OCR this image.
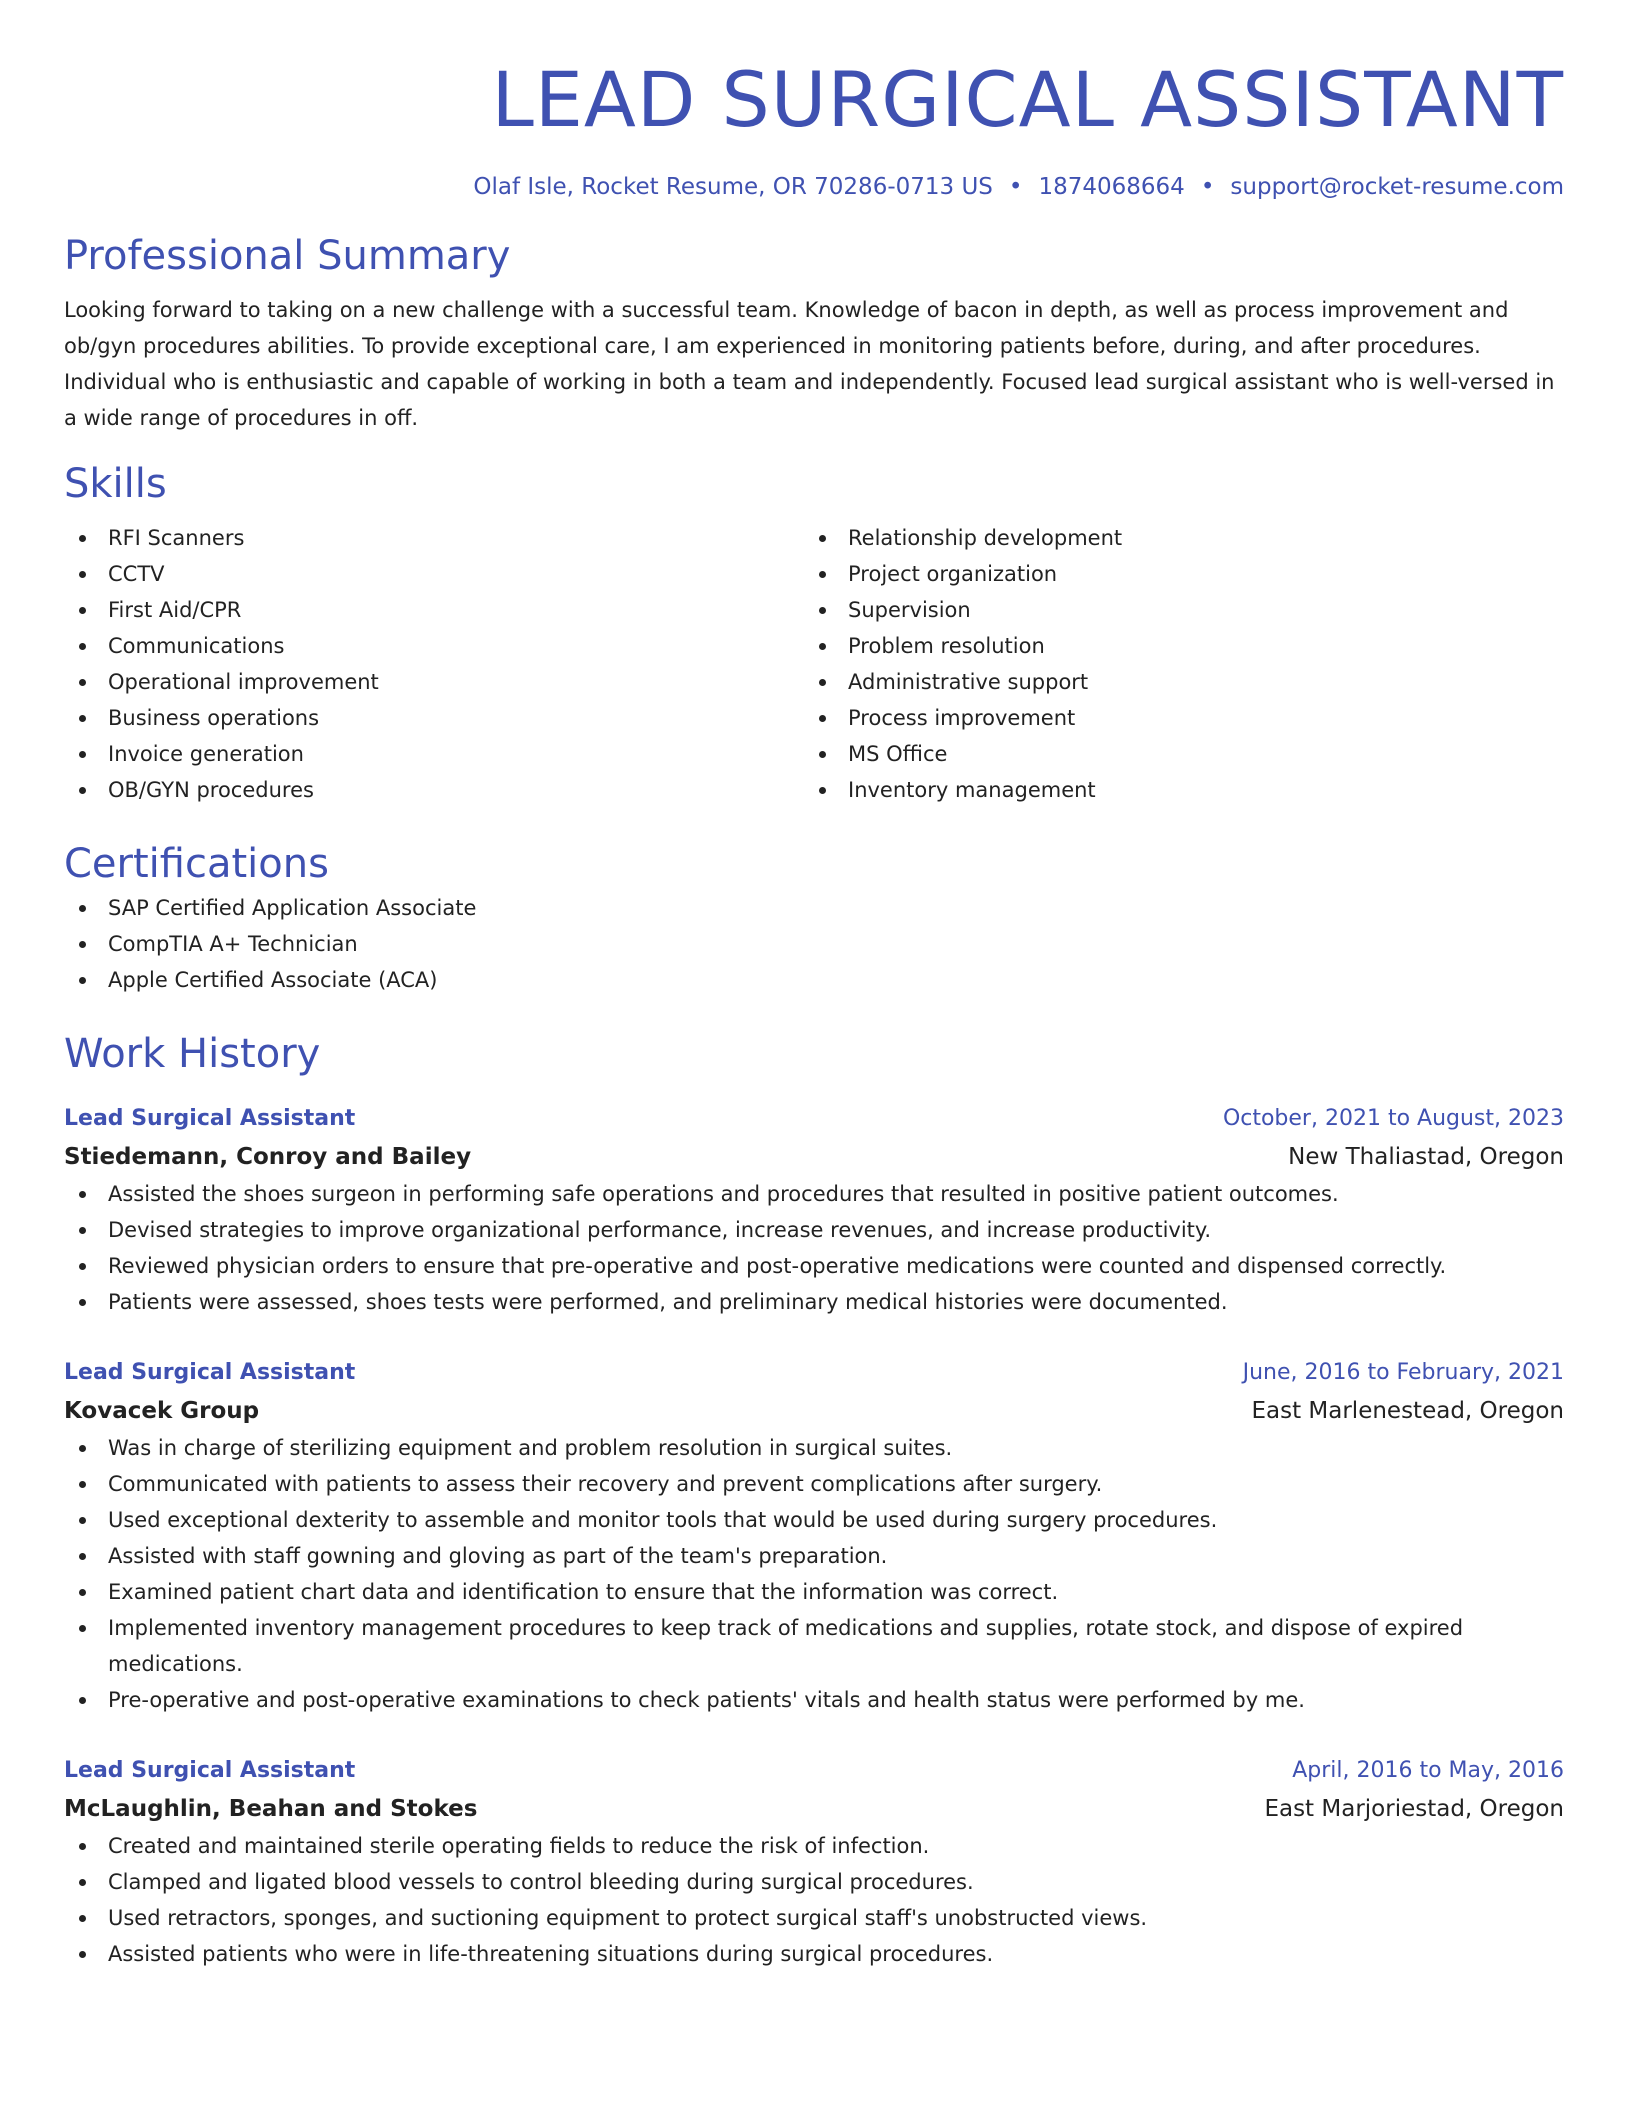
LEAD SURGICAL ASSISTANT
Olaf Isle, Rocket Resume, OR 70286-0713 US • 1874068664 • support@rocket-resume.com
Professional Summary

Looking forward to taking on a new challenge with a successful team. Knowledge of bacon in depth, as well as process improvement and ob/gyn procedures abilities. To provide exceptional care, I am experienced in monitoring patients before, during, and after procedures. Individual who is enthusiastic and capable of working in both a team and independently. Focused lead surgical assistant who is well-versed in a wide range of procedures in off.

Skills
RFI Scanners
CCTV
First Aid/CPR
Communications
Operational improvement
Business operations
Invoice generation
OB/GYN procedures
Relationship development
Project organization
Supervision
Problem resolution
Administrative support
Process improvement
MS Office
Inventory management
Certifications
SAP Certified Application Associate
CompTIA A+ Technician
Apple Certified Associate (ACA)
Work History
Lead Surgical Assistant	October, 2021 to August, 2023
Stiedemann, Conroy and Bailey	New Thaliastad, Oregon
Assisted the shoes surgeon in performing safe operations and procedures that resulted in positive patient outcomes.
Devised strategies to improve organizational performance, increase revenues, and increase productivity.
Reviewed physician orders to ensure that pre-operative and post-operative medications were counted and dispensed correctly.
Patients were assessed, shoes tests were performed, and preliminary medical histories were documented.
Lead Surgical Assistant	June, 2016 to February, 2021
Kovacek Group	East Marlenestead, Oregon
Was in charge of sterilizing equipment and problem resolution in surgical suites.
Communicated with patients to assess their recovery and prevent complications after surgery.
Used exceptional dexterity to assemble and monitor tools that would be used during surgery procedures.
Assisted with staff gowning and gloving as part of the team's preparation.
Examined patient chart data and identification to ensure that the information was correct.
Implemented inventory management procedures to keep track of medications and supplies, rotate stock, and dispose of expired medications.
Pre-operative and post-operative examinations to check patients' vitals and health status were performed by me.
Lead Surgical Assistant	April, 2016 to May, 2016
McLaughlin, Beahan and Stokes	East Marjoriestad, Oregon
Created and maintained sterile operating fields to reduce the risk of infection.
Clamped and ligated blood vessels to control bleeding during surgical procedures.
Used retractors, sponges, and suctioning equipment to protect surgical staff's unobstructed views.
Assisted patients who were in life-threatening situations during surgical procedures.
